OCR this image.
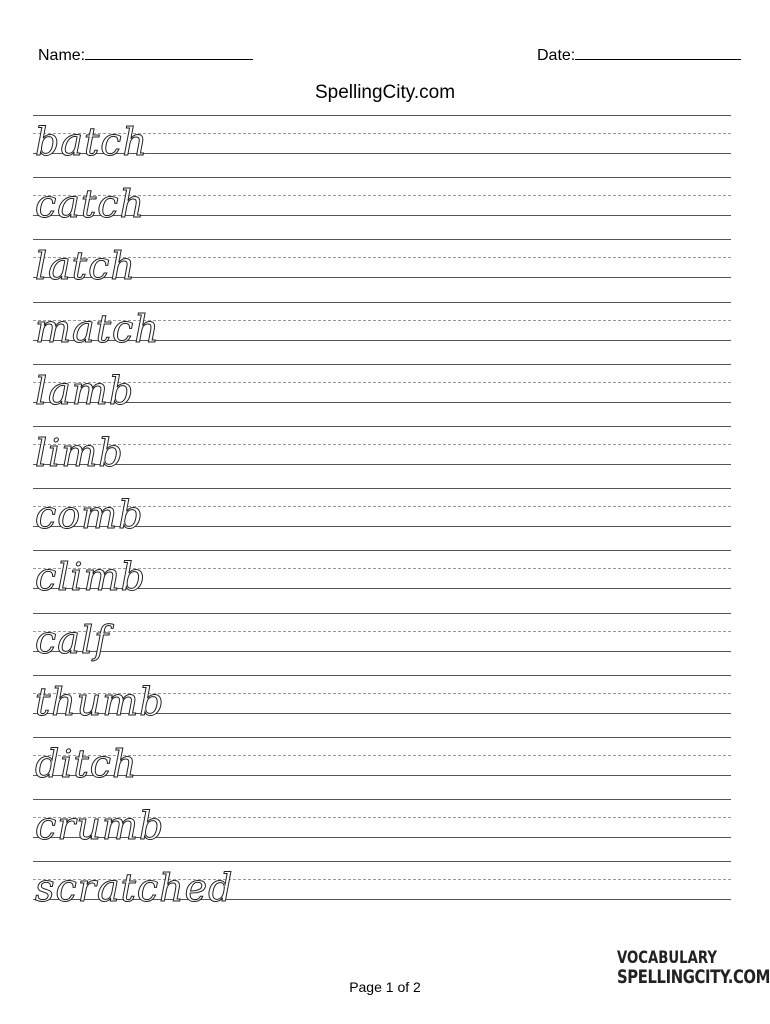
Name:	Date:
SpellingCity.com
batch
catch
latch
match
lamb
limb
comb
climb
calf
thumb
ditch
crumb
scratched
Page 1 of 2
VOCABULARY
SPELLINGCITY.COM
